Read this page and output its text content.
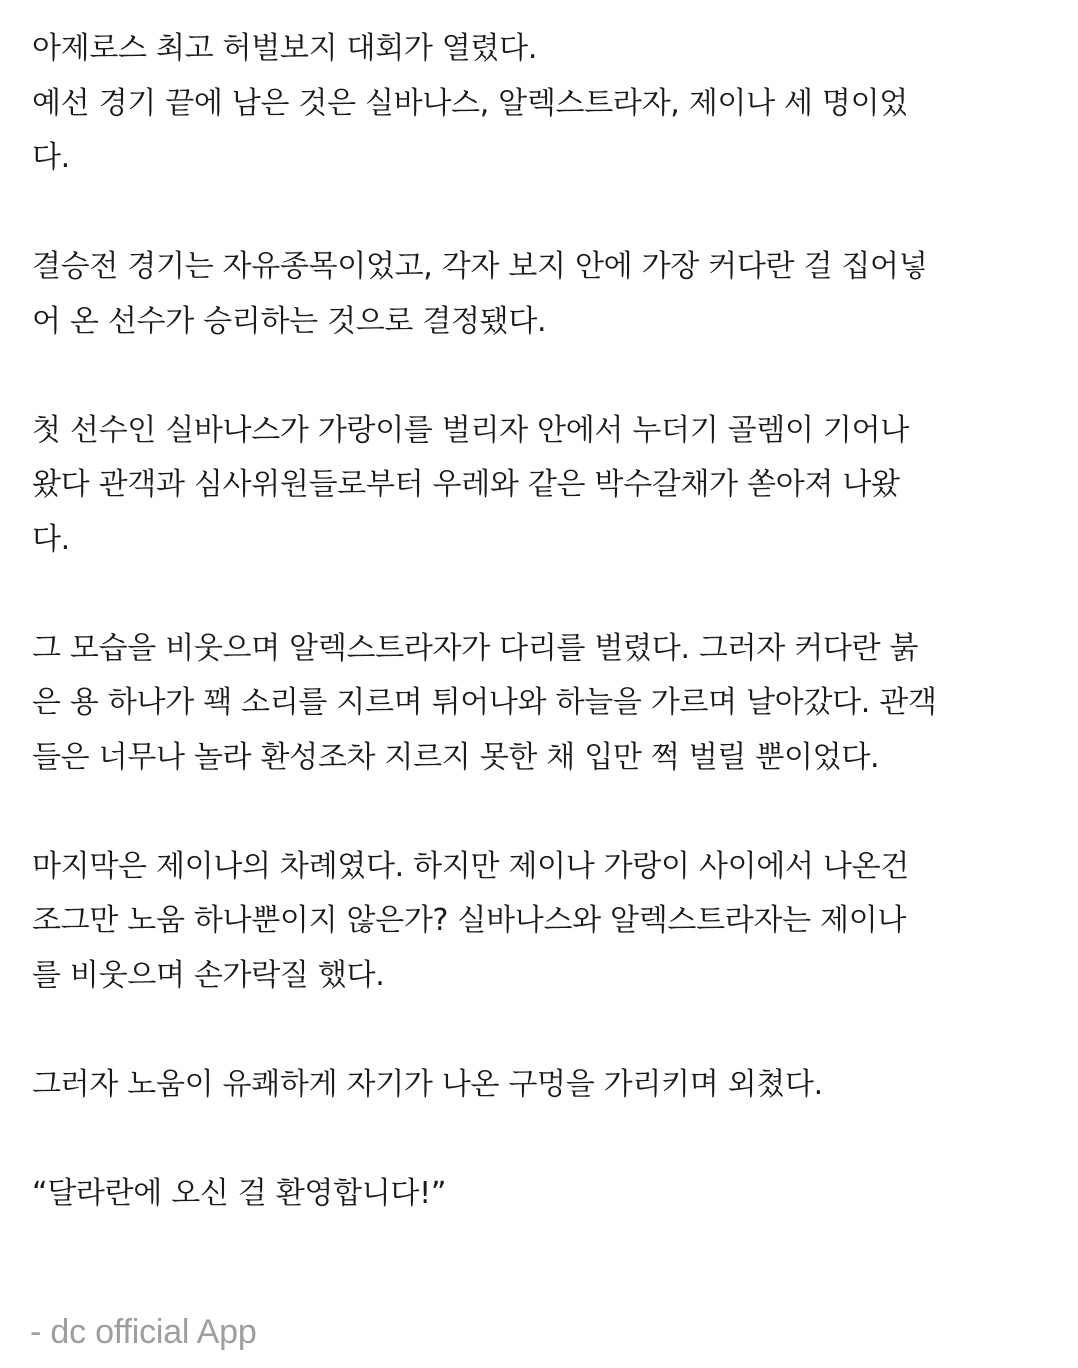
아제로스 최고 허벌보지 대회가 열렸다.
예선 경기 끝에 남은 것은 실바나스, 알렉스트라자, 제이나 세 명이었
다.

결승전 경기는 자유종목이었고, 각자 보지 안에 가장 커다란 걸 집어넣
어 온 선수가 승리하는 것으로 결정됐다.

첫 선수인 실바나스가 가랑이를 벌리자 안에서 누더기 골렘이 기어나
왔다 관객과 심사위원들로부터 우레와 같은 박수갈채가 쏟아져 나왔
다.

그 모습을 비웃으며 알렉스트라자가 다리를 벌렸다. 그러자 커다란 붉
은 용 하나가 꽥 소리를 지르며 튀어나와 하늘을 가르며 날아갔다. 관객
들은 너무나 놀라 환성조차 지르지 못한 채 입만 쩍 벌릴 뿐이었다.

마지막은 제이나의 차례였다. 하지만 제이나 가랑이 사이에서 나온건
조그만 노움 하나뿐이지 않은가? 실바나스와 알렉스트라자는 제이나
를 비웃으며 손가락질 했다.

그러자 노움이 유쾌하게 자기가 나온 구멍을 가리키며 외쳤다.

“달라란에 오신 걸 환영합니다!”

- dc official App
